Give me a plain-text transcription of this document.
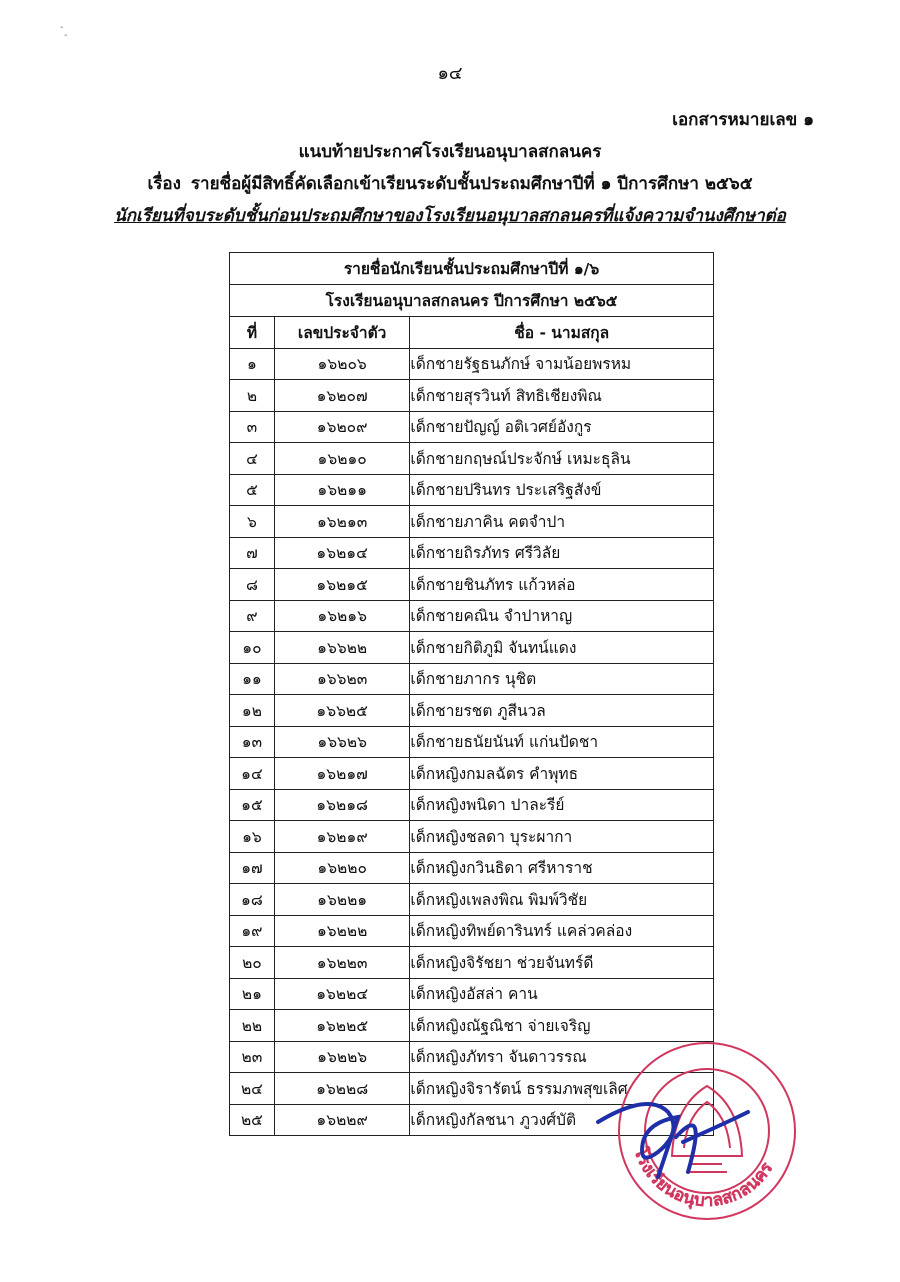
๑๔
เอกสารหมายเลข ๑
แนบท้ายประกาศโรงเรียนอนุบาลสกลนคร
เรื่อง รายชื่อผู้มีสิทธิ์คัดเลือกเข้าเรียนระดับชั้นประถมศึกษาปีที่ ๑ ปีการศึกษา ๒๕๖๕
นักเรียนที่จบระดับชั้นก่อนประถมศึกษาของโรงเรียนอนุบาลสกลนครที่แจ้งความจำนงศึกษาต่อ
รายชื่อนักเรียนชั้นประถมศึกษาปีที่ ๑/๖		
โรงเรียนอนุบาลสกลนคร ปีการศึกษา ๒๕๖๕		
ที่	เลขประจำตัว	ชื่อ - นามสกุล
๑	๑๖๒๐๖	เด็กชายรัฐธนภักษ์ จามน้อยพรหม
๒	๑๖๒๐๗	เด็กชายสุรวินท์ สิทธิเชียงพิณ
๓	๑๖๒๐๙	เด็กชายปัญญ์ อติเวศย์อังกูร
๔	๑๖๒๑๐	เด็กชายกฤษณ์ประจักษ์ เหมะธุลิน
๕	๑๖๒๑๑	เด็กชายปรินทร ประเสริฐสังข์
๖	๑๖๒๑๓	เด็กชายภาคิน คตจำปา
๗	๑๖๒๑๔	เด็กชายถิรภัทร ศรีวิลัย
๘	๑๖๒๑๕	เด็กชายชินภัทร แก้วหล่อ
๙	๑๖๒๑๖	เด็กชายคณิน จำปาหาญ
๑๐	๑๖๖๒๒	เด็กชายกิติภูมิ จันทน์แดง
๑๑	๑๖๖๒๓	เด็กชายภากร นุชิต
๑๒	๑๖๖๒๕	เด็กชายรชต ภูสีนวล
๑๓	๑๖๖๒๖	เด็กชายธนัยนันท์ แก่นปัดชา
๑๔	๑๖๒๑๗	เด็กหญิงกมลฉัตร คำพุทธ
๑๕	๑๖๒๑๘	เด็กหญิงพนิดา ปาละรีย์
๑๖	๑๖๒๑๙	เด็กหญิงชลดา บุระผากา
๑๗	๑๖๒๒๐	เด็กหญิงกวินธิดา ศรีหาราช
๑๘	๑๖๒๒๑	เด็กหญิงเพลงพิณ พิมพ์วิชัย
๑๙	๑๖๒๒๒	เด็กหญิงทิพย์ดารินทร์ แคล่วคล่อง
๒๐	๑๖๒๒๓	เด็กหญิงจิรัชยา ช่วยจันทร์ดี
๒๑	๑๖๒๒๔	เด็กหญิงอัสล่า คาน
๒๒	๑๖๒๒๕	เด็กหญิงณัฐณิชา จ่ายเจริญ
๒๓	๑๖๒๒๖	เด็กหญิงภัทรา จันดาวรรณ
๒๔	๑๖๒๒๘	เด็กหญิงจิรารัตน์ ธรรมภพสุขเลิศ
๒๕	๑๖๒๒๙	เด็กหญิงกัลชนา ภูวงศ์บัติ
โรงเรียนอนุบาลสกลนคร
-
-
